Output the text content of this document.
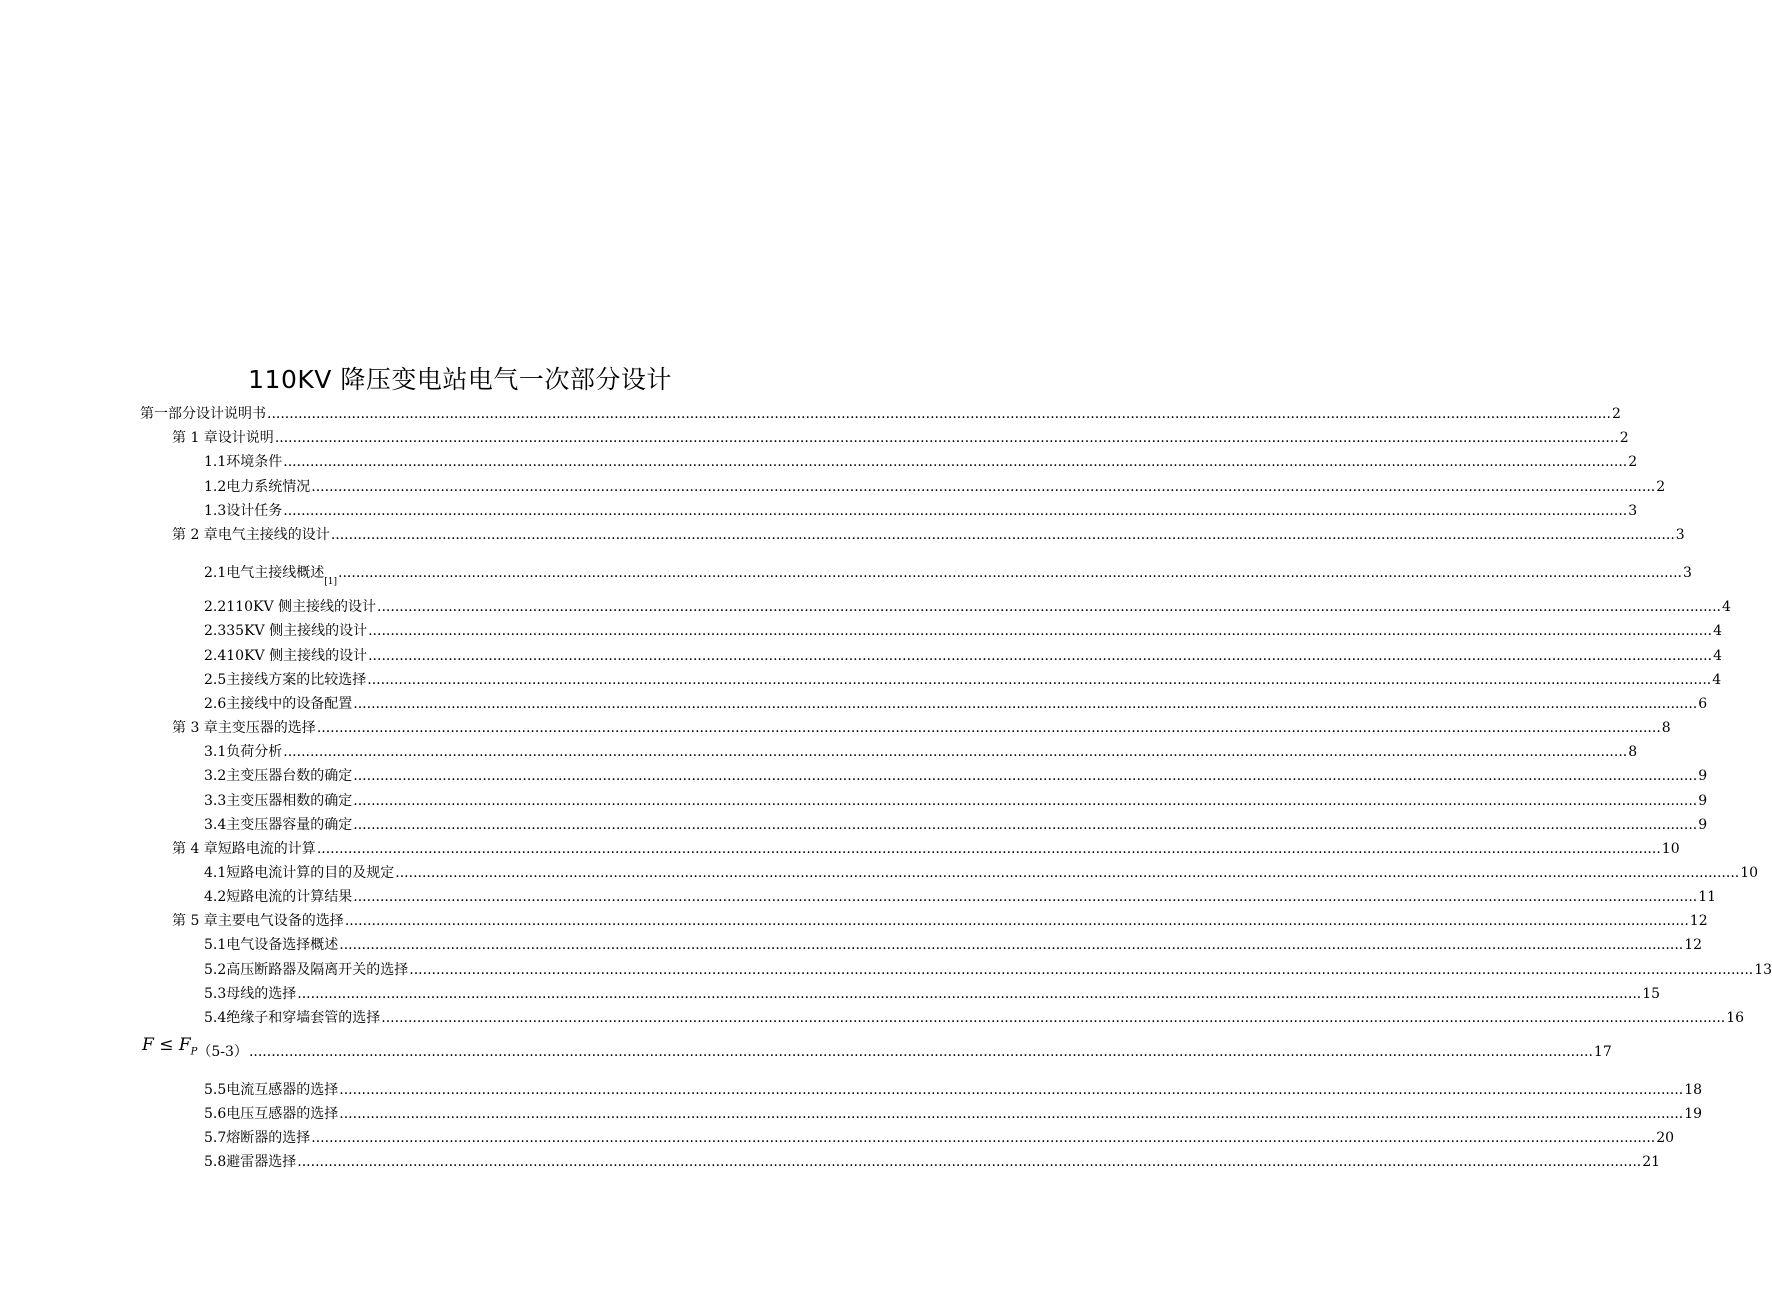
110KV 降压变电站电气一次部分设计
第一部分 设计说明书 .............................................................................................................................................................................................................................................................................................................. 2
第 1 章 设计说明 .............................................................................................................................................................................................................................................................................................................. 2
1.1 环境条件 .............................................................................................................................................................................................................................................................................................................. 2
1.2 电力系统情况 .............................................................................................................................................................................................................................................................................................................. 2
1.3 设计任务 .............................................................................................................................................................................................................................................................................................................. 3
第 2 章 电气主接线的设计 .............................................................................................................................................................................................................................................................................................................. 3
2.1 电气主接线概述
[1]
.............................................................................................................................................................................................................................................................................................................. 3
2.2 110KV 侧主接线的设计 .............................................................................................................................................................................................................................................................................................................. 4
2.3 35KV 侧主接线的设计 .............................................................................................................................................................................................................................................................................................................. 4
2.4 10KV 侧主接线的设计 .............................................................................................................................................................................................................................................................................................................. 4
2.5 主接线方案的比较选择 .............................................................................................................................................................................................................................................................................................................. 4
2.6 主接线中的设备配置 .............................................................................................................................................................................................................................................................................................................. 6
第 3 章 主变压器的选择 .............................................................................................................................................................................................................................................................................................................. 8
3.1 负荷分析 .............................................................................................................................................................................................................................................................................................................. 8
3.2 主变压器台数的确定 .............................................................................................................................................................................................................................................................................................................. 9
3.3 主变压器相数的确定 .............................................................................................................................................................................................................................................................................................................. 9
3.4 主变压器容量的确定 .............................................................................................................................................................................................................................................................................................................. 9
第 4 章 短路电流的计算 .............................................................................................................................................................................................................................................................................................................. 10
4.1 短路电流计算的目的及规定 .............................................................................................................................................................................................................................................................................................................. 10
4.2 短路电流的计算结果 .............................................................................................................................................................................................................................................................................................................. 11
第 5 章 主要电气设备的选择 .............................................................................................................................................................................................................................................................................................................. 12
5.1 电气设备选择概述 .............................................................................................................................................................................................................................................................................................................. 12
5.2 高压断路器及隔离开关的选择 .............................................................................................................................................................................................................................................................................................................. 13
5.3 母线的选择 .............................................................................................................................................................................................................................................................................................................. 15
5.4 绝缘子和穿墙套管的选择 .............................................................................................................................................................................................................................................................................................................. 16
$F \le F_P$ （5-3） .............................................................................................................................................................................................................................................................................................................. 17
5.5 电流互感器的选择 .............................................................................................................................................................................................................................................................................................................. 18
5.6 电压互感器的选择 .............................................................................................................................................................................................................................................................................................................. 19
5.7 熔断器的选择 .............................................................................................................................................................................................................................................................................................................. 20
5.8 避雷器选择 .............................................................................................................................................................................................................................................................................................................. 21
